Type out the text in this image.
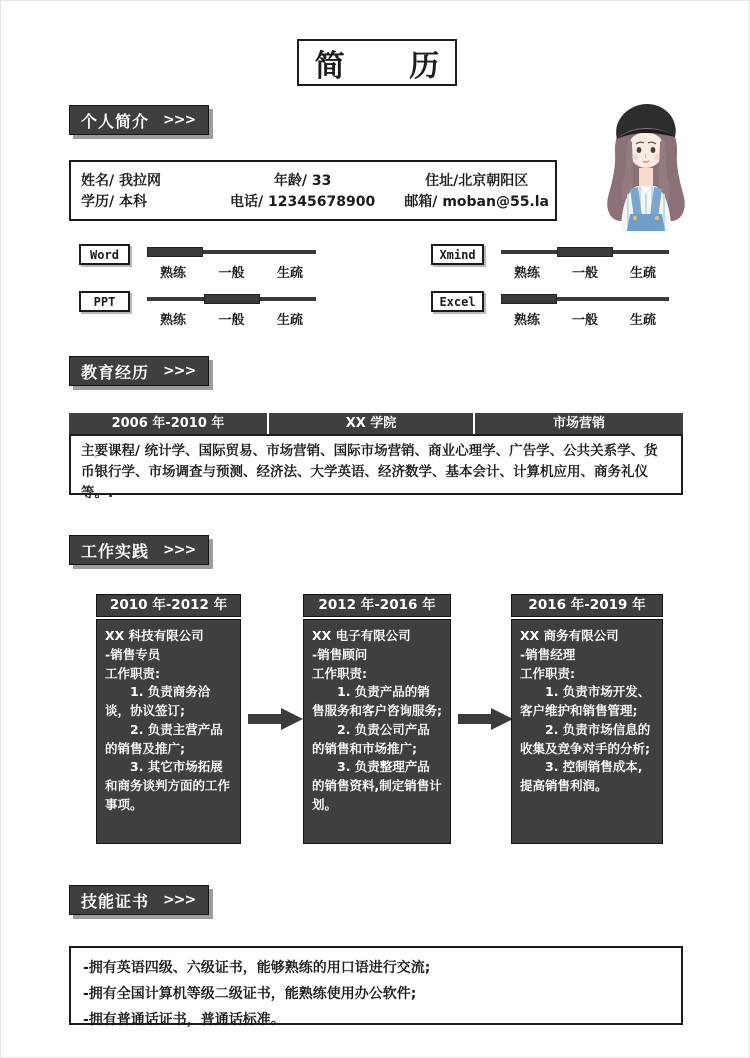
简 历
个人简介 >>>
姓名/ 我拉网	年龄/ 33	住址/北京朝阳区
学历/ 本科	电话/ 12345678900	邮箱/ moban@55.la
Word
熟练 一般 生疏
PPT
熟练 一般 生疏
Xmind
熟练 一般 生疏
Excel
熟练 一般 生疏
教育经历 >>>
2006 年-2010 年	XX 学院	市场营销
主要课程/ 统计学、国际贸易、市场营销、国际市场营销、商业心理学、广告学、公共关系学、货币银行学、市场调查与预测、经济法、大学英语、经济数学、基本会计、计算机应用、商务礼仪等。.
工作实践 >>>
2010 年-2012 年

XX 科技有限公司

-销售专员

工作职责:

1. 负责商务洽谈，协议签订;

2. 负责主营产品的销售及推广;

3. 其它市场拓展和商务谈判方面的工作事项。

2012 年-2016 年

XX 电子有限公司

-销售顾问

工作职责:

1. 负责产品的销售服务和客户咨询服务;

2. 负责公司产品的销售和市场推广;

3. 负责整理产品的销售资料,制定销售计划。

2016 年-2019 年

XX 商务有限公司

-销售经理

工作职责:

1. 负责市场开发、客户维护和销售管理;

2. 负责市场信息的收集及竞争对手的分析;

3. 控制销售成本,提高销售利润。

技能证书 >>>
-拥有英语四级、六级证书，能够熟练的用口语进行交流;
-拥有全国计算机等级二级证书，能熟练使用办公软件;
-拥有普通话证书，普通话标准。
